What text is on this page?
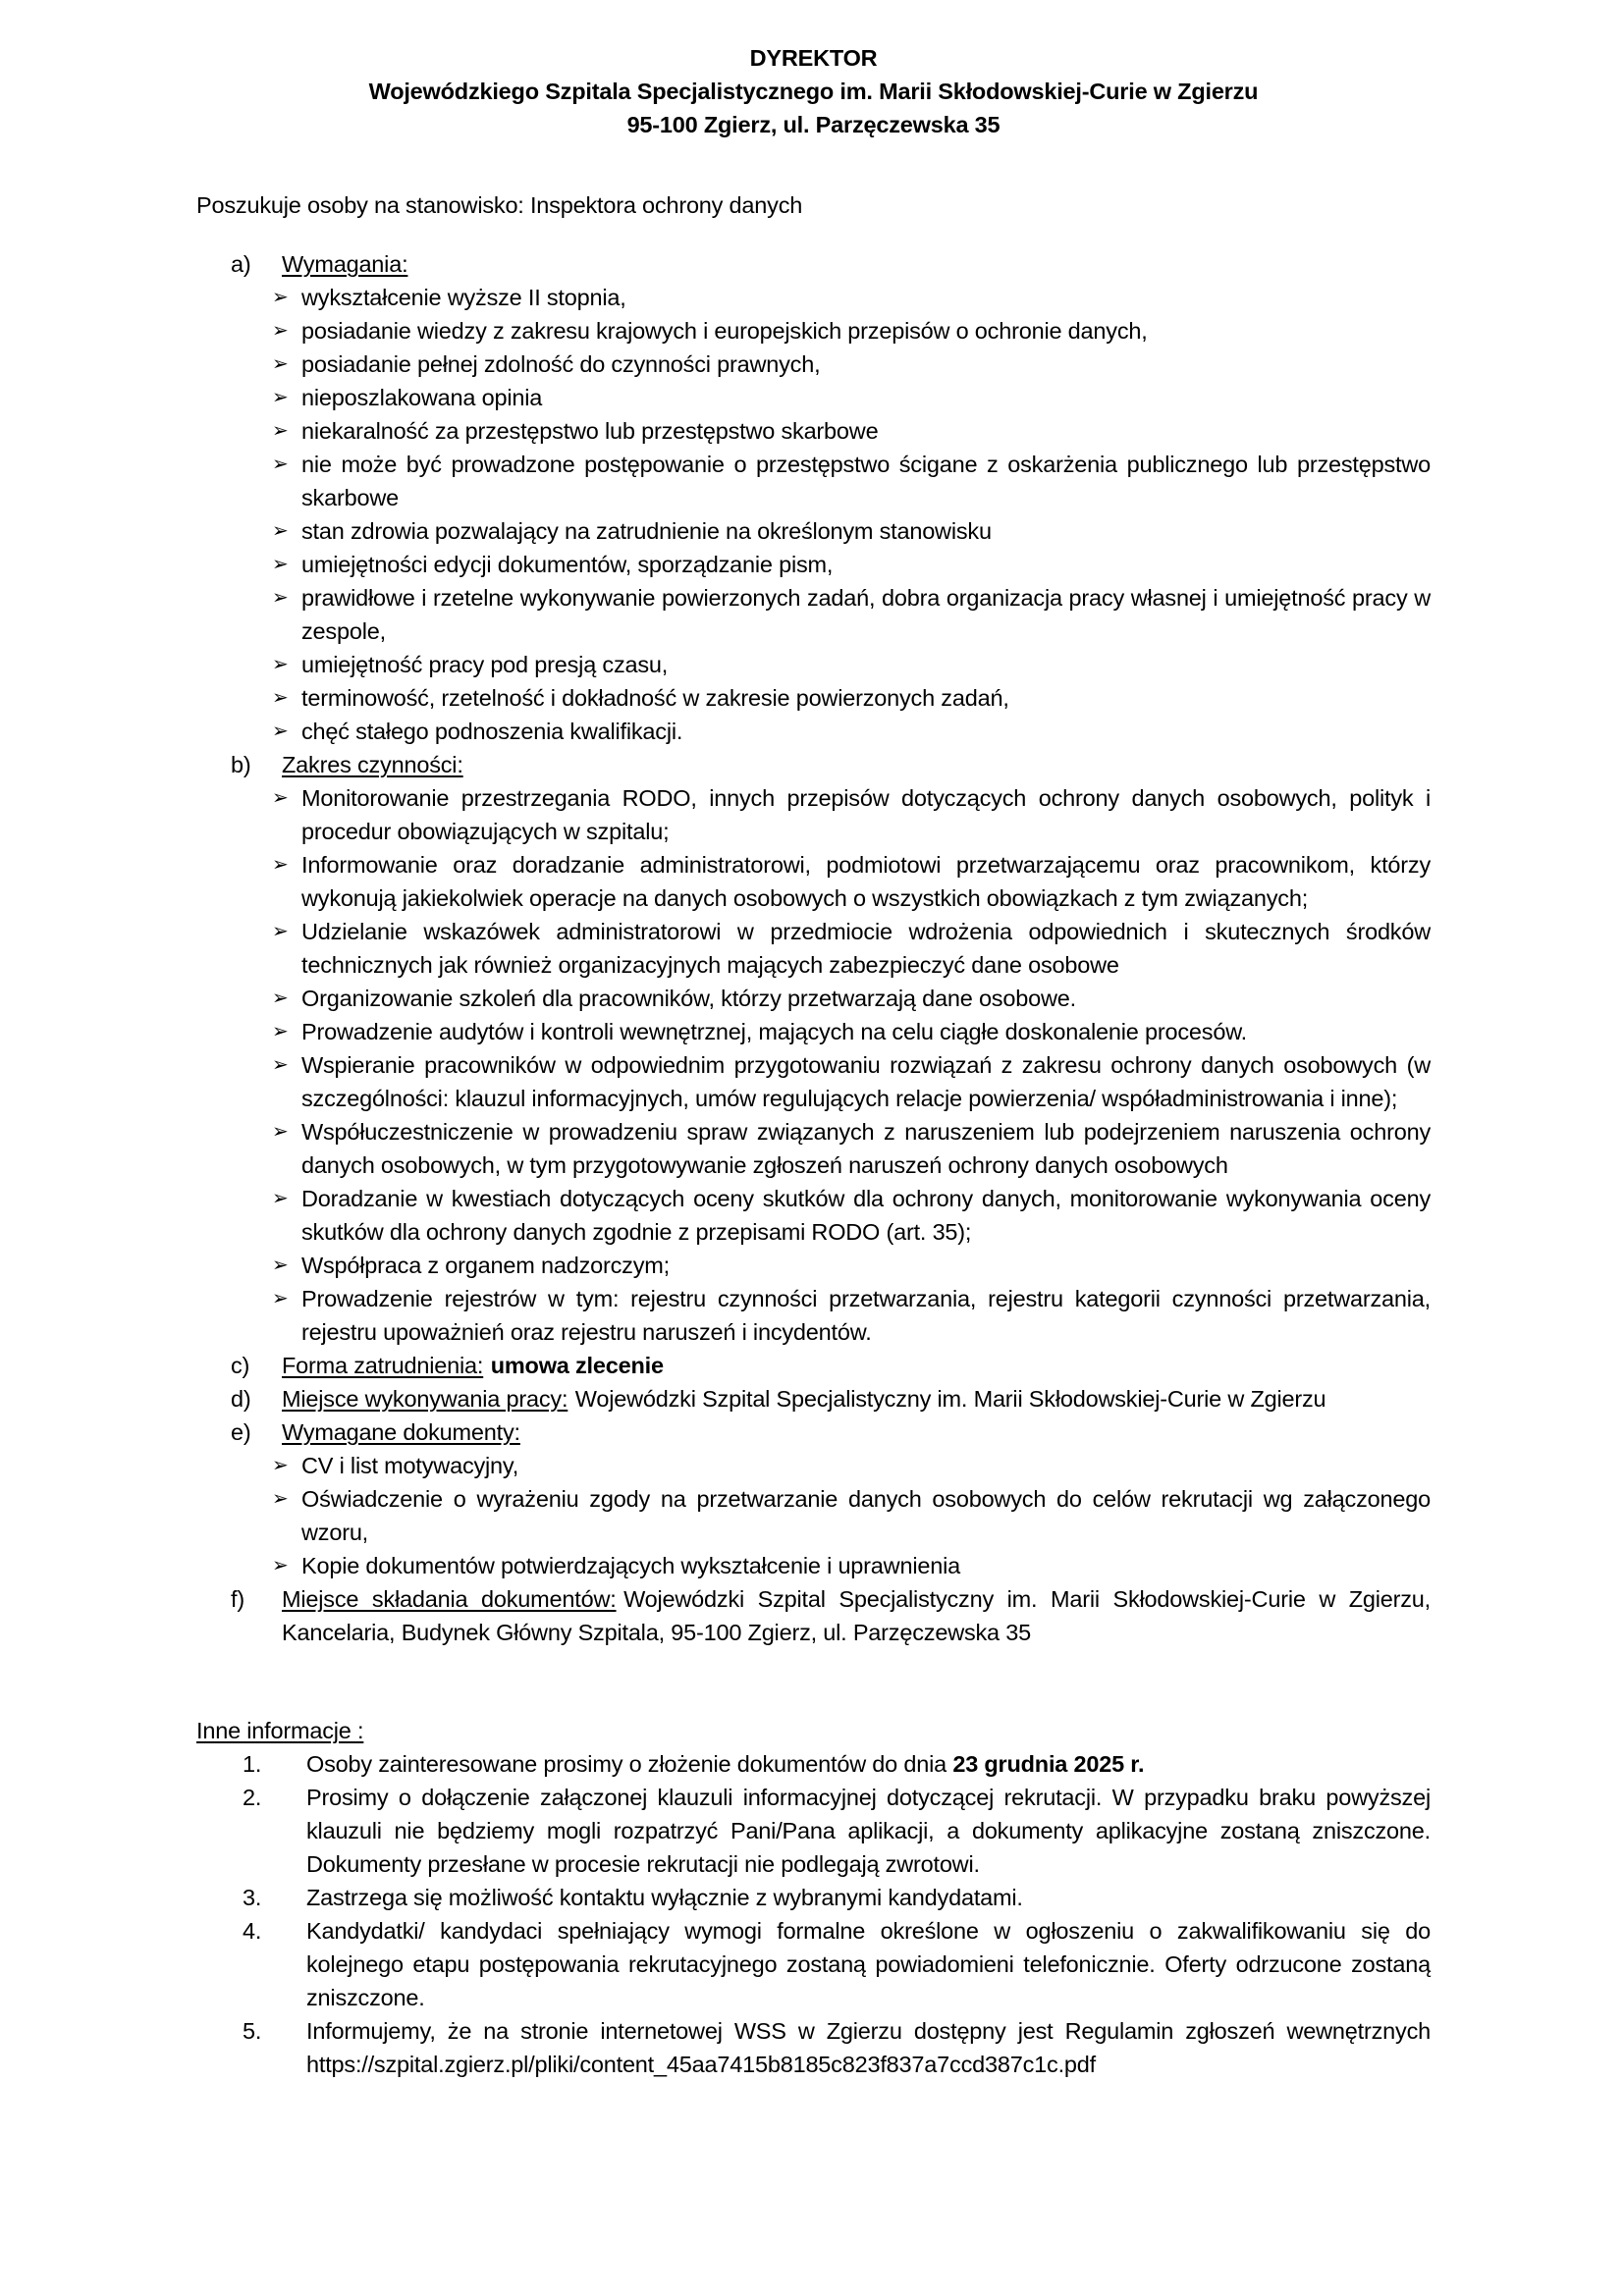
DYREKTOR
Wojewódzkiego Szpitala Specjalistycznego im. Marii Skłodowskiej-Curie w Zgierzu
95-100 Zgierz, ul. Parzęczewska 35

Poszukuje osoby na stanowisko: Inspektora ochrony danych

a)	Wymagania:

➢ wykształcenie wyższe II stopnia,

➢ posiadanie wiedzy z zakresu krajowych i europejskich przepisów o ochronie danych,

➢ posiadanie pełnej zdolność do czynności prawnych,

➢ nieposzlakowana opinia

➢ niekaralność za przestępstwo lub przestępstwo skarbowe

➢ nie może być prowadzone postępowanie o przestępstwo ścigane z oskarżenia publicznego lub przestępstwo skarbowe

➢ stan zdrowia pozwalający na zatrudnienie na określonym stanowisku

➢ umiejętności edycji dokumentów, sporządzanie pism,

➢ prawidłowe i rzetelne wykonywanie powierzonych zadań, dobra organizacja pracy własnej i umiejętność pracy w zespole,

➢ umiejętność pracy pod presją czasu,

➢ terminowość, rzetelność i dokładność w zakresie powierzonych zadań,

➢ chęć stałego podnoszenia kwalifikacji.

b)	Zakres czynności:

➢ Monitorowanie przestrzegania RODO, innych przepisów dotyczących ochrony danych osobowych, polityk i procedur obowiązujących w szpitalu;

➢ Informowanie oraz doradzanie administratorowi, podmiotowi przetwarzającemu oraz pracownikom, którzy wykonują jakiekolwiek operacje na danych osobowych o wszystkich obowiązkach z tym związanych;

➢ Udzielanie wskazówek administratorowi w przedmiocie wdrożenia odpowiednich i skutecznych środków technicznych jak również organizacyjnych mających zabezpieczyć dane osobowe

➢ Organizowanie szkoleń dla pracowników, którzy przetwarzają dane osobowe.

➢ Prowadzenie audytów i kontroli wewnętrznej, mających na celu ciągłe doskonalenie procesów.

➢ Wspieranie pracowników w odpowiednim przygotowaniu rozwiązań z zakresu ochrony danych osobowych (w szczególności: klauzul informacyjnych, umów regulujących relacje powierzenia/ współadministrowania i inne);

➢ Współuczestniczenie w prowadzeniu spraw związanych z naruszeniem lub podejrzeniem naruszenia ochrony danych osobowych, w tym przygotowywanie zgłoszeń naruszeń ochrony danych osobowych

➢ Doradzanie w kwestiach dotyczących oceny skutków dla ochrony danych, monitorowanie wykonywania oceny skutków dla ochrony danych zgodnie z przepisami RODO (art. 35);

➢ Współpraca z organem nadzorczym;

➢ Prowadzenie rejestrów w tym: rejestru czynności przetwarzania, rejestru kategorii czynności przetwarzania, rejestru upoważnień oraz rejestru naruszeń i incydentów.

c)	Forma zatrudnienia: umowa zlecenie

d)	Miejsce wykonywania pracy: Wojewódzki Szpital Specjalistyczny im. Marii Skłodowskiej-Curie w Zgierzu

e)	Wymagane dokumenty:

➢ CV i list motywacyjny,

➢ Oświadczenie o wyrażeniu zgody na przetwarzanie danych osobowych do celów rekrutacji wg załączonego wzoru,

➢ Kopie dokumentów potwierdzających wykształcenie i uprawnienia

f)	Miejsce składania dokumentów: Wojewódzki Szpital Specjalistyczny im. Marii Skłodowskiej-Curie w Zgierzu, Kancelaria, Budynek Główny Szpitala, 95-100 Zgierz, ul. Parzęczewska 35

Inne informacje :

1.	Osoby zainteresowane prosimy o złożenie dokumentów do dnia 23 grudnia 2025 r.

2.	Prosimy o dołączenie załączonej klauzuli informacyjnej dotyczącej rekrutacji. W przypadku braku powyższej klauzuli nie będziemy mogli rozpatrzyć Pani/Pana aplikacji, a dokumenty aplikacyjne zostaną zniszczone. Dokumenty przesłane w procesie rekrutacji nie podlegają zwrotowi.

3.	Zastrzega się możliwość kontaktu wyłącznie z wybranymi kandydatami.

4.	Kandydatki/ kandydaci spełniający wymogi formalne określone w ogłoszeniu o zakwalifikowaniu się do kolejnego etapu postępowania rekrutacyjnego zostaną powiadomieni telefonicznie. Oferty odrzucone zostaną zniszczone.

5.	Informujemy, że na stronie internetowej WSS w Zgierzu dostępny jest Regulamin zgłoszeń wewnętrznych https://szpital.zgierz.pl/pliki/content_45aa7415b8185c823f837a7ccd387c1c.pdf
